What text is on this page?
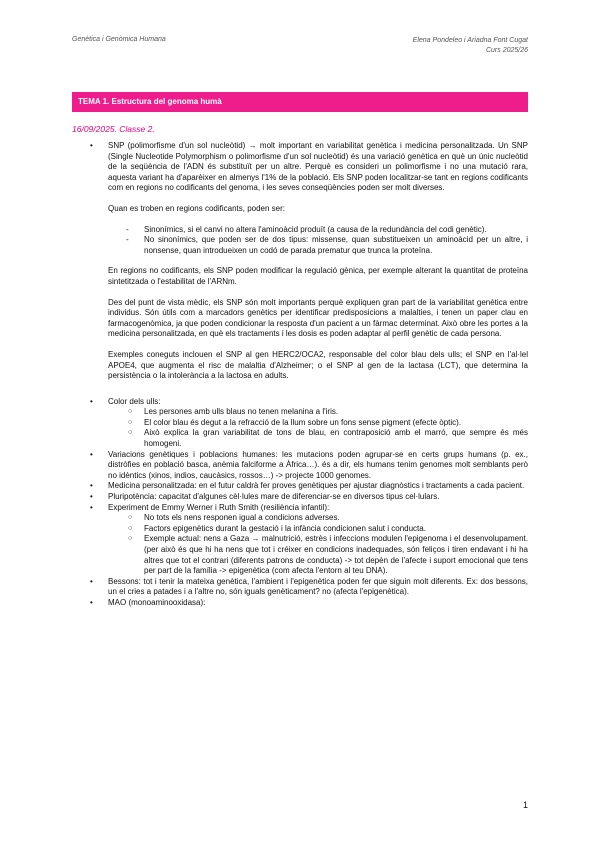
Genètica i Genòmica Humana	Elena Pondeleo i Ariadna Font Cugat
Curs 2025/26
TEMA 1. Estructura del genoma humà
16/09/2025. Classe 2.

• SNP (polimorfisme d'un sol nucleòtid) → molt important en variabilitat genètica i medicina personalitzada. Un SNP (Single Nucleotide Polymorphism o polimorfisme d'un sol nucleòtid) és una variació genètica en què un únic nucleòtid de la seqüència de l'ADN és substituït per un altre. Perquè es consideri un polimorfisme i no una mutació rara, aquesta variant ha d'aparèixer en almenys l'1% de la població. Els SNP poden localitzar-se tant en regions codificants com en regions no codificants del genoma, i les seves conseqüències poden ser molt diverses.

Quan es troben en regions codificants, poden ser:

- Sinonímics, si el canvi no altera l'aminoàcid produït (a causa de la redundància del codi genètic).

- No sinonímics, que poden ser de dos tipus: missense, quan substitueixen un aminoàcid per un altre, i nonsense, quan introdueixen un codó de parada prematur que trunca la proteïna.

En regions no codificants, els SNP poden modificar la regulació gènica, per exemple alterant la quantitat de proteïna sintetitzada o l'estabilitat de l'ARNm.

Des del punt de vista mèdic, els SNP són molt importants perquè expliquen gran part de la variabilitat genètica entre individus. Són útils com a marcadors genètics per identificar predisposicions a malalties, i tenen un paper clau en farmacogenòmica, ja que poden condicionar la resposta d'un pacient a un fàrmac determinat. Això obre les portes a la medicina personalitzada, en què els tractaments i les dosis es poden adaptar al perfil genètic de cada persona.

Exemples coneguts inclouen el SNP al gen HERC2/OCA2, responsable del color blau dels ulls; el SNP en l'al·lel APOE4, que augmenta el risc de malaltia d'Alzheimer; o el SNP al gen de la lactasa (LCT), que determina la persistència o la intolerància a la lactosa en adults.

• Color dels ulls:

○ Les persones amb ulls blaus no tenen melanina a l'iris.

○ El color blau és degut a la refracció de la llum sobre un fons sense pigment (efecte òptic).

○ Això explica la gran variabilitat de tons de blau, en contraposició amb el marró, que sempre és més homogeni.

• Variacions genètiques i poblacions humanes: les mutacions poden agrupar-se en certs grups humans (p. ex., distròfies en població basca, anèmia falciforme a Àfrica…). és a dir, els humans tenim genomes molt semblants però no idèntics (xinos, indios, caucàsics, rossos…) -> projecte 1000 genomes.

• Medicina personalitzada: en el futur caldrà fer proves genètiques per ajustar diagnòstics i tractaments a cada pacient.

• Pluripotència: capacitat d'algunes cèl·lules mare de diferenciar-se en diversos tipus cel·lulars.

• Experiment de Emmy Werner i Ruth Smith (resiliència infantil):

○ No tots els nens responen igual a condicions adverses.

○ Factors epigenètics durant la gestació i la infància condicionen salut i conducta.

○ Exemple actual: nens a Gaza → malnutrició, estrès i infeccions modulen l'epigenoma i el desenvolupament. (per això és que hi ha nens que tot i créixer en condicions inadequades, són feliços i tiren endavant i hi ha altres que tot el contrari (diferents patrons de conducta) -> tot depèn de l'afecte i suport emocional que tens per part de la família -> epigenètica (com afecta l'entorn al teu DNA).

• Bessons: tot i tenir la mateixa genètica, l'ambient i l'epigenètica poden fer que siguin molt diferents. Ex: dos bessons, un el cries a patades i a l'altre no, són iguals genèticament? no (afecta l'epigenètica).

• MAO (monoaminooxidasa):

1
